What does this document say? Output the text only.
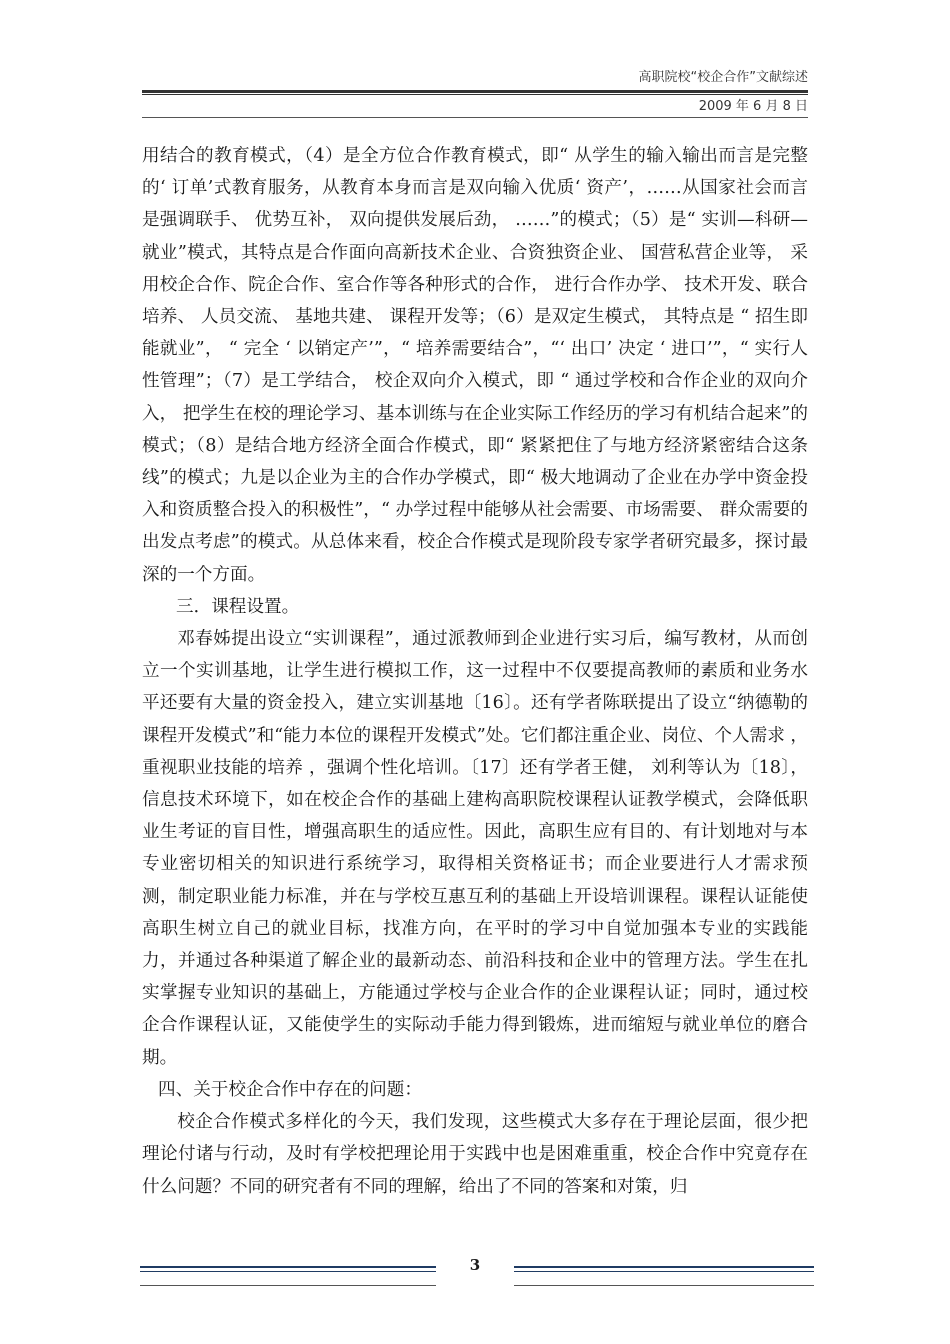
高职院校“校企合作”文献综述
2009 年 6 月 8 日

用结合的教育模式，（4）是全方位合作教育模式，即“ 从学生的输入输出而言是完整的‘ 订单’式教育服务，从教育本身而言是双向输入优质‘ 资产’，……从国家社会而言是强调联手、 优势互补， 双向提供发展后劲， ……”的模式；（5）是“ 实训—科研—就业”模式，其特点是合作面向高新技术企业、合资独资企业、 国营私营企业等， 采用校企合作、院企合作、室合作等各种形式的合作， 进行合作办学、 技术开发、联合培养、 人员交流、 基地共建、 课程开发等；（6）是双定生模式， 其特点是 “ 招生即能就业”， “ 完全 ‘ 以销定产’”，“ 培养需要结合”，“‘ 出口’ 决定 ‘ 进口’”，“ 实行人性管理”；（7）是工学结合， 校企双向介入模式，即 “ 通过学校和合作企业的双向介入， 把学生在校的理论学习、基本训练与在企业实际工作经历的学习有机结合起来”的模式；（8）是结合地方经济全面合作模式，即“ 紧紧把住了与地方经济紧密结合这条线”的模式；九是以企业为主的合作办学模式，即“ 极大地调动了企业在办学中资金投入和资质整合投入的积极性”，“ 办学过程中能够从社会需要、市场需要、 群众需要的出发点考虑”的模式。从总体来看，校企合作模式是现阶段专家学者研究最多，探讨最深的一个方面。

三．课程设置。

邓春姊提出设立“实训课程”，通过派教师到企业进行实习后，编写教材，从而创立一个实训基地，让学生进行模拟工作，这一过程中不仅要提高教师的素质和业务水平还要有大量的资金投入，建立实训基地〔16〕。还有学者陈联提出了设立“纳德勒的课程开发模式”和“能力本位的课程开发模式”处。它们都注重企业、岗位、个人需求 ，重视职业技能的培养 ，强调个性化培训。〔17〕还有学者王健， 刘利等认为〔18〕，信息技术环境下，如在校企合作的基础上建构高职院校课程认证教学模式，会降低职业生考证的盲目性，增强高职生的适应性。因此，高职生应有目的、有计划地对与本专业密切相关的知识进行系统学习，取得相关资格证书；而企业要进行人才需求预测，制定职业能力标准，并在与学校互惠互利的基础上开设培训课程。课程认证能使高职生树立自己的就业目标，找准方向，在平时的学习中自觉加强本专业的实践能力，并通过各种渠道了解企业的最新动态、前沿科技和企业中的管理方法。学生在扎实掌握专业知识的基础上，方能通过学校与企业合作的企业课程认证；同时，通过校企合作课程认证，又能使学生的实际动手能力得到锻炼，进而缩短与就业单位的磨合期。

四、关于校企合作中存在的问题：

校企合作模式多样化的今天，我们发现，这些模式大多存在于理论层面，很少把理论付诸与行动，及时有学校把理论用于实践中也是困难重重，校企合作中究竟存在什么问题？不同的研究者有不同的理解，给出了不同的答案和对策，归

3
